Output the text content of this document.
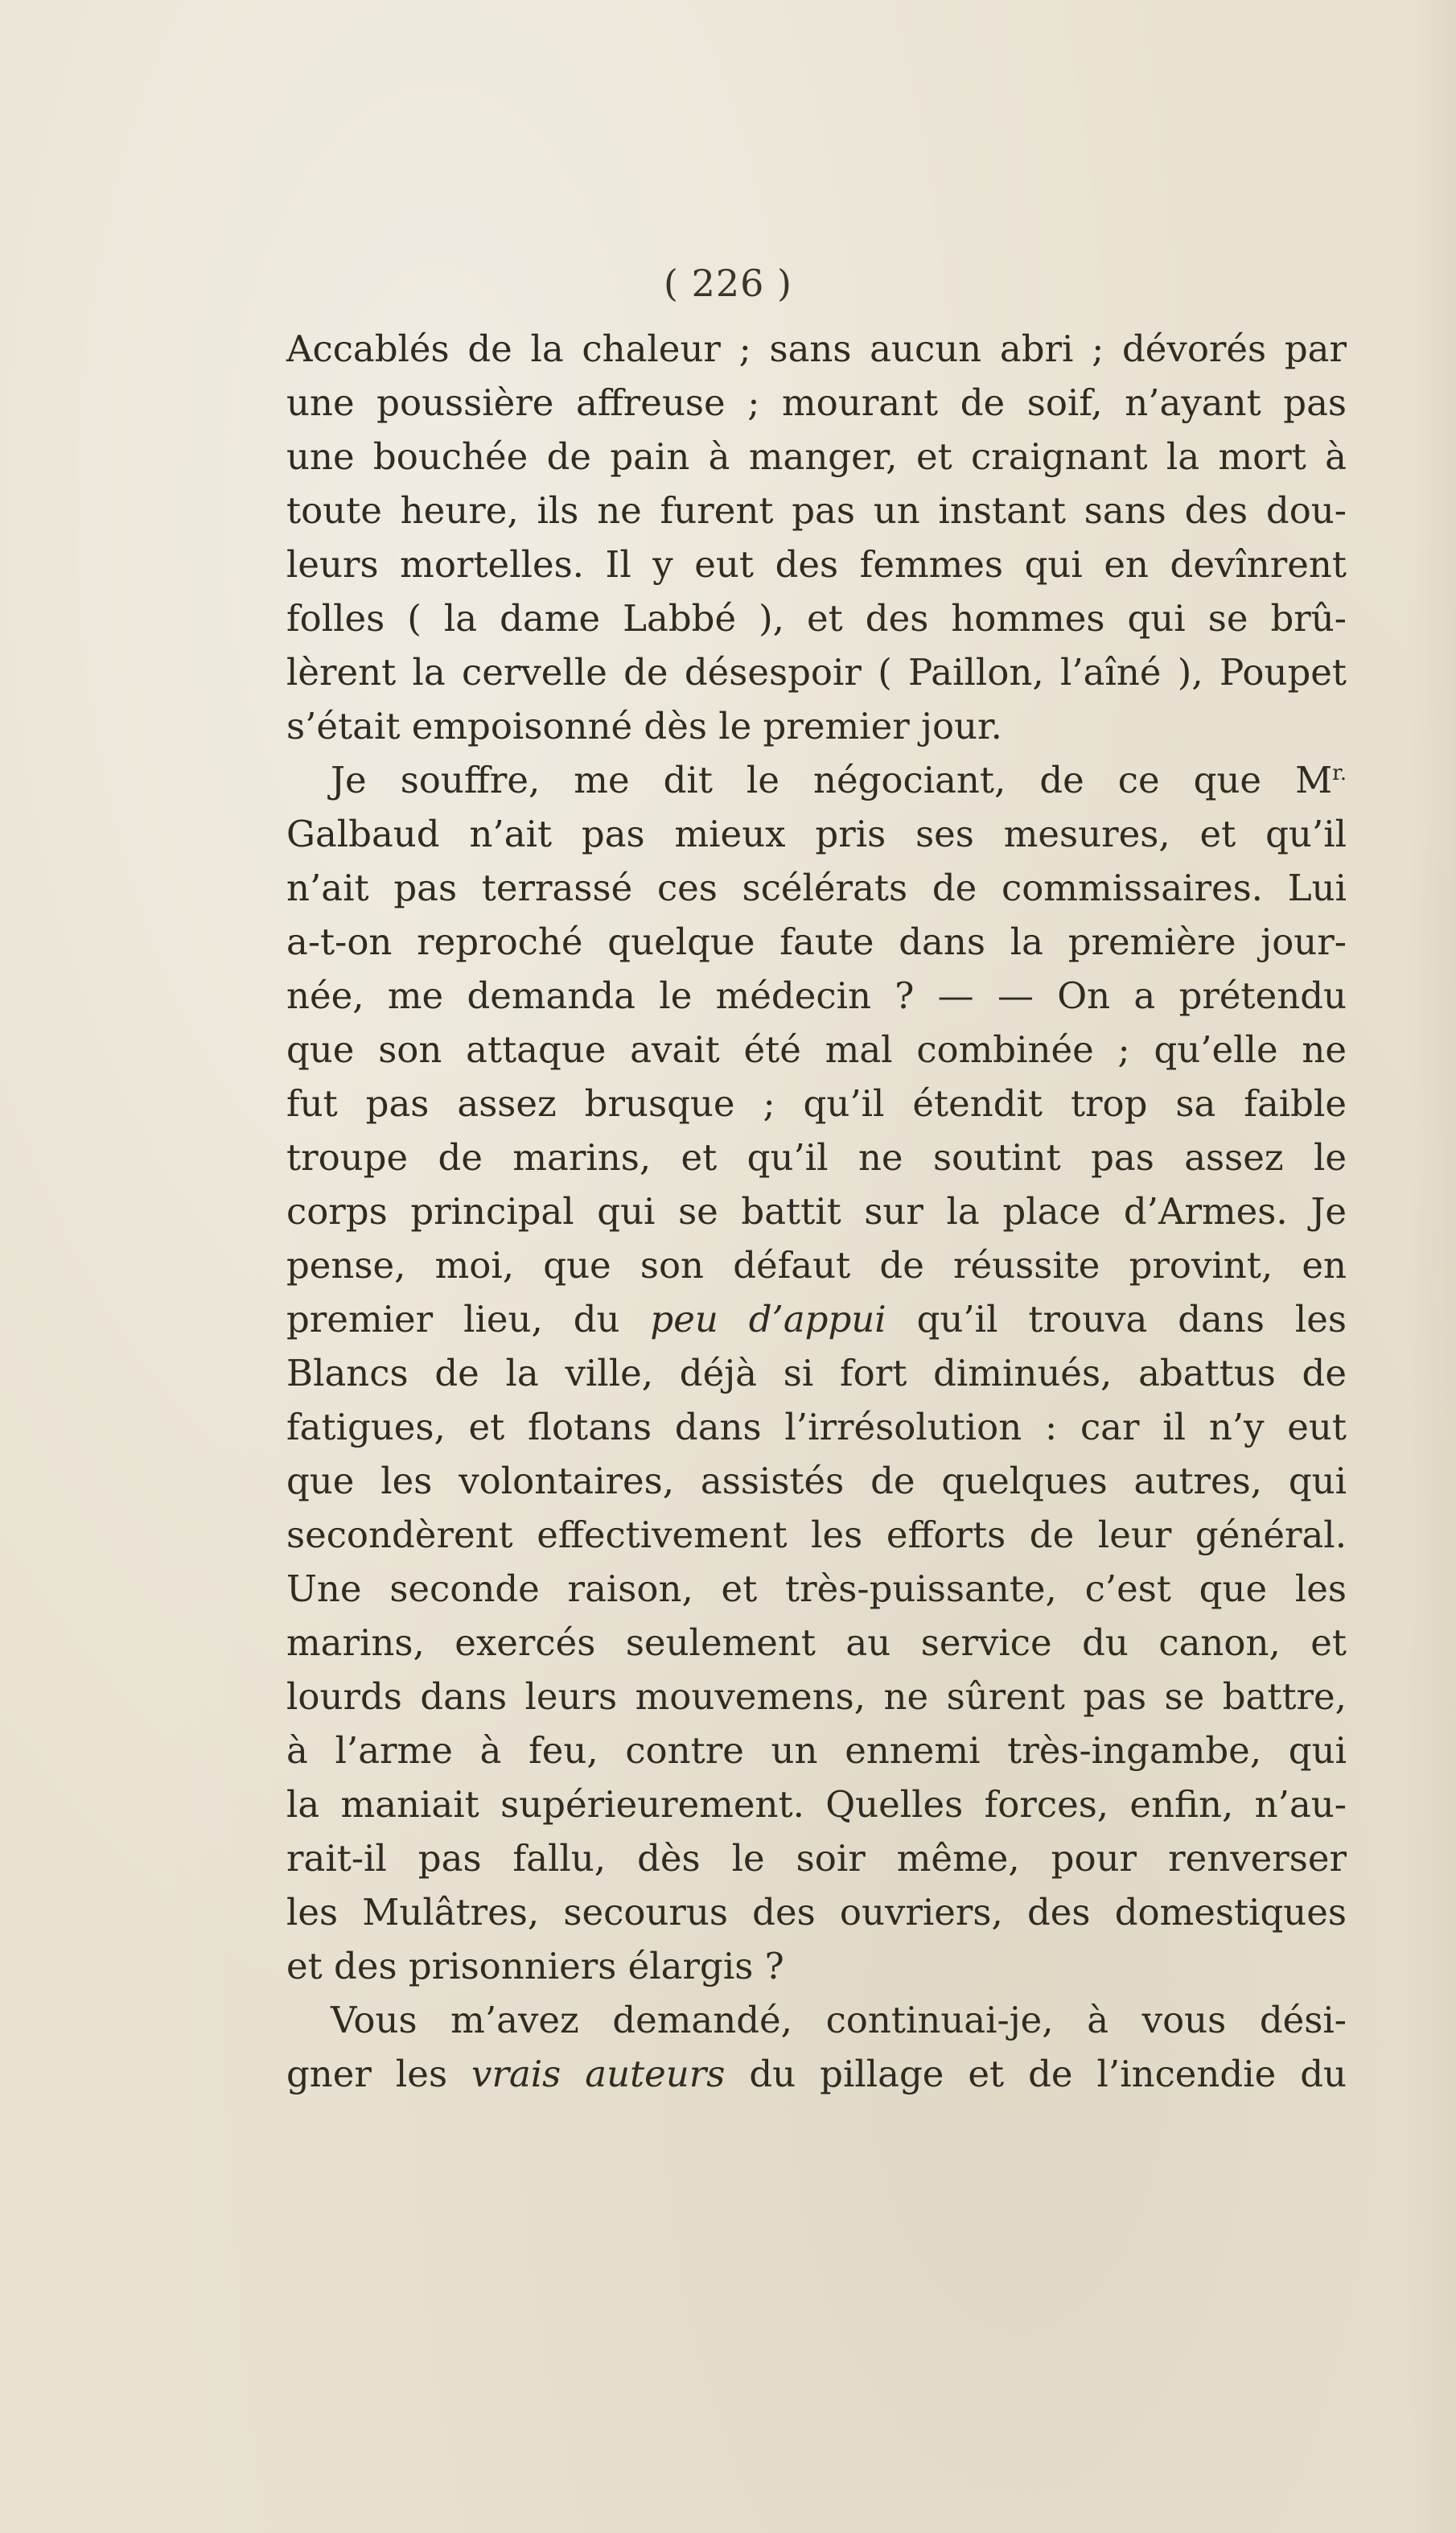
( 226 )
Accablés de la chaleur ; sans aucun abri ; dévorés par
une poussière affreuse ; mourant de soif, n’ayant pas
une bouchée de pain à manger, et craignant la mort à
toute heure, ils ne furent pas un instant sans des dou-
leurs mortelles. Il y eut des femmes qui en devînrent
folles ( la dame Labbé ), et des hommes qui se brû-
lèrent la cervelle de désespoir ( Paillon, l’aîné ), Poupet
s’était empoisonné dès le premier jour.
Je souffre, me dit le négociant, de ce que $M^{r.}$
Galbaud n’ait pas mieux pris ses mesures, et qu’il
n’ait pas terrassé ces scélérats de commissaires. Lui
a-t-on reproché quelque faute dans la première jour-
née, me demanda le médecin ? — — On a prétendu
que son attaque avait été mal combinée ; qu’elle ne
fut pas assez brusque ; qu’il étendit trop sa faible
troupe de marins, et qu’il ne soutint pas assez le
corps principal qui se battit sur la place d’Armes. Je
pense, moi, que son défaut de réussite provint, en
premier lieu, du peu d’appui qu’il trouva dans les
Blancs de la ville, déjà si fort diminués, abattus de
fatigues, et flotans dans l’irrésolution : car il n’y eut
que les volontaires, assistés de quelques autres, qui
secondèrent effectivement les efforts de leur général.
Une seconde raison, et très-puissante, c’est que les
marins, exercés seulement au service du canon, et
lourds dans leurs mouvemens, ne sûrent pas se battre,
à l’arme à feu, contre un ennemi très-ingambe, qui
la maniait supérieurement. Quelles forces, enfin, n’au-
rait-il pas fallu, dès le soir même, pour renverser
les Mulâtres, secourus des ouvriers, des domestiques
et des prisonniers élargis ?
Vous m’avez demandé, continuai-je, à vous dési-
gner les vrais auteurs du pillage et de l’incendie du
